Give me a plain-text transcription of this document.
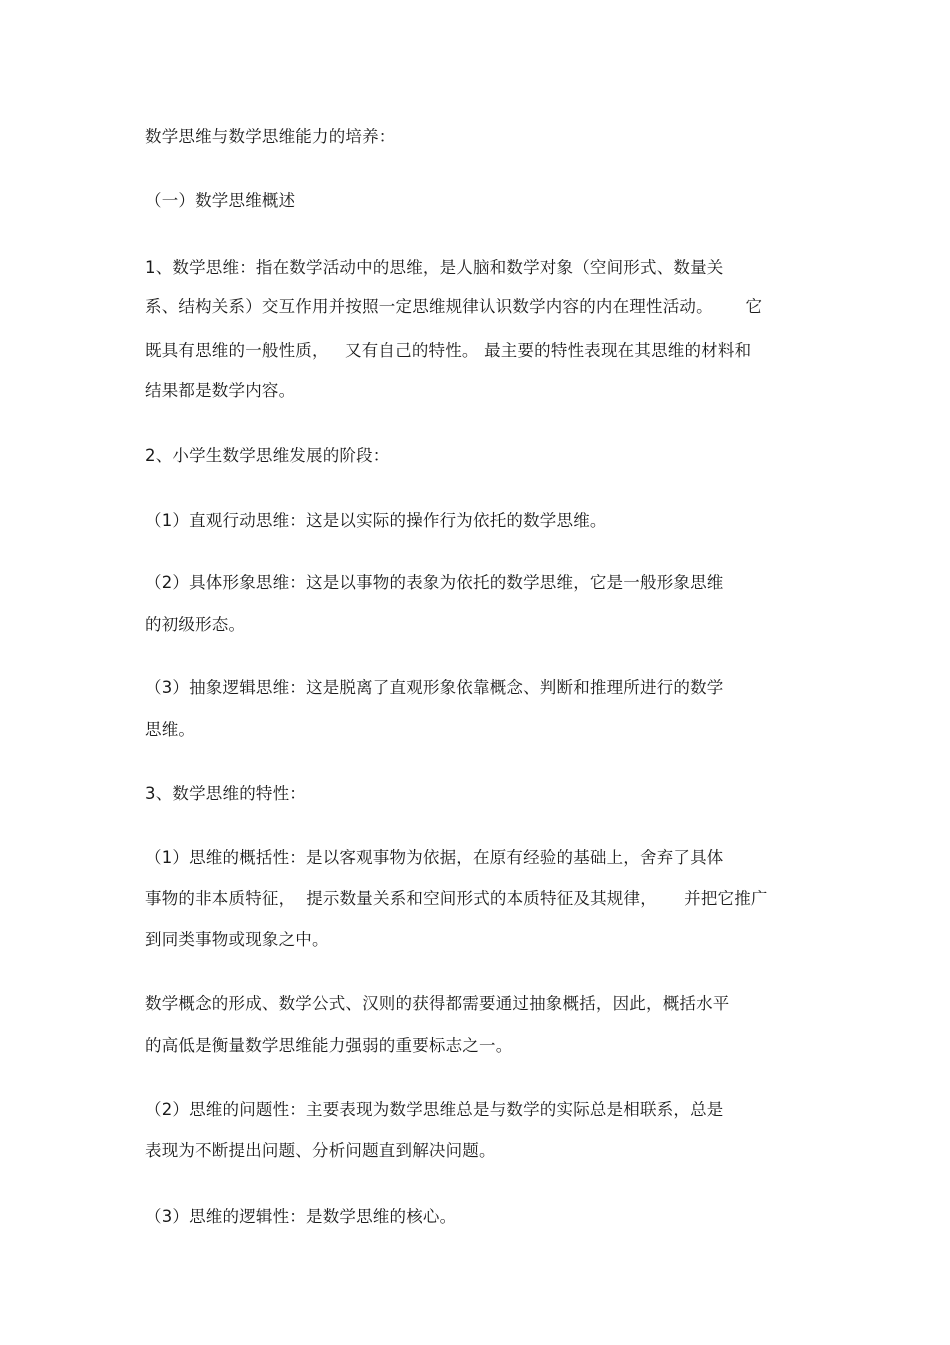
数学思维与数学思维能力的培养：
（一）数学思维概述
1、数学思维：指在数学活动中的思维，是人脑和数学对象（空间形式、数量关
系、结构关系）交互作用并按照一定思维规律认识数学内容的内在理性活动。      它
既具有思维的一般性质，   又有自己的特性。 最主要的特性表现在其思维的材料和
结果都是数学内容。
2、小学生数学思维发展的阶段：
（1）直观行动思维：这是以实际的操作行为依托的数学思维。
（2）具体形象思维：这是以事物的表象为依托的数学思维，它是一般形象思维
的初级形态。
（3）抽象逻辑思维：这是脱离了直观形象依靠概念、判断和推理所进行的数学
思维。
3、数学思维的特性：
（1）思维的概括性：是以客观事物为依据，在原有经验的基础上，舍弃了具体
事物的非本质特征，  提示数量关系和空间形式的本质特征及其规律，     并把它推广
到同类事物或现象之中。
数学概念的形成、数学公式、汉则的获得都需要通过抽象概括，因此，概括水平
的高低是衡量数学思维能力强弱的重要标志之一。
（2）思维的问题性：主要表现为数学思维总是与数学的实际总是相联系，总是
表现为不断提出问题、分析问题直到解决问题。
（3）思维的逻辑性：是数学思维的核心。
